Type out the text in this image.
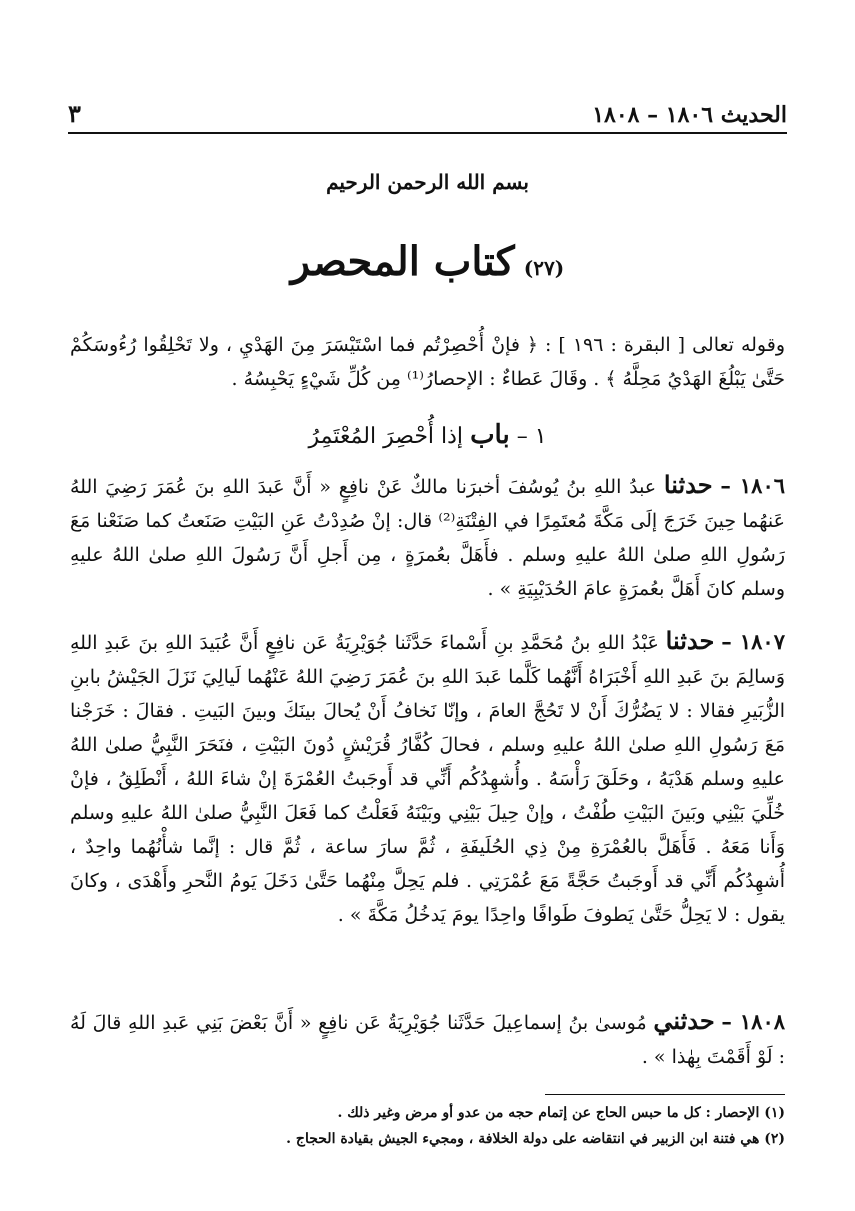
الحديث ١٨٠٦ – ١٨٠٨
٣
بسم الله الرحمن الرحيم
(٢٧) كتاب المحصر
وقوله تعالى [ البقرة : ١٩٦ ] : ﴿ فإنْ أُحْصِرْتُم فما اسْتَيْسَرَ مِنَ الهَدْيِ ، ولا تَحْلِقُوا رُءُوسَكُمْ حَتَّىٰ يَبْلُغَ الهَدْيُ مَحِلَّهُ ﴾ . وقَالَ عَطاءٌ : الإحصارُ⁽¹⁾ مِن كُلِّ شَيْءٍ يَحْبِسُهُ .
١ – باب إذا أُحْصِرَ المُعْتَمِرُ
١٨٠٦ – حدثنا عبدُ اللهِ بنُ يُوسُفَ أخبرَنا مالكٌ عَنْ نافِعٍ « أَنَّ عَبدَ اللهِ بنَ عُمَرَ رَضِيَ اللهُ عَنهُما حِينَ خَرَجَ إلَى مَكَّةَ مُعتَمِرًا في الفِتْنَةِ⁽²⁾ قال: إنْ صُدِدْتُ عَنِ البَيْتِ صَنَعتُ كما صَنَعْنا مَعَ رَسُولِ اللهِ صلىٰ اللهُ عليهِ وسلم . فأَهَلَّ بعُمرَةٍ ، مِن أَجلِ أَنَّ رَسُولَ اللهِ صلىٰ اللهُ عليهِ وسلم كانَ أَهَلَّ بعُمرَةٍ عامَ الحُدَيْبِيَةِ » .
١٨٠٧ – حدثنا عَبْدُ اللهِ بنُ مُحَمَّدِ بنِ أَسْماءَ حَدَّثَنا جُوَيْرِيَةُ عَن نافِعٍ أَنَّ عُبَيدَ اللهِ بنَ عَبدِ اللهِ وَسالِمَ بنَ عَبدِ اللهِ أَخْبَرَاهُ أَنَّهُما كَلَّما عَبدَ اللهِ بنَ عُمَرَ رَضِيَ اللهُ عَنْهُما لَيالِيَ نَزَلَ الجَيْشُ بابنِ الزُّبَيرِ فقالا : لا يَضُرُّكَ أَنْ لا تَحُجَّ العامَ ، وإنّا نَخافُ أَنْ يُحالَ بينَكَ وبينَ البَيتِ . فقالَ : خَرَجْنا مَعَ رَسُولِ اللهِ صلىٰ اللهُ عليهِ وسلم ، فحالَ كُفَّارُ قُرَيْشٍ دُونَ البَيْتِ ، فنَحَرَ النَّبِيُّ صلىٰ اللهُ عليهِ وسلم هَدْيَهُ ، وحَلَقَ رَأْسَهُ . وأُشهِدُكُم أَنِّي قد أَوجَبتُ العُمْرَةَ إنْ شاءَ اللهُ ، أَنْطَلِقُ ، فإنْ خُلِّيَ بَيْنِي وبَينَ البَيْتِ طُفْتُ ، وإنْ حِيلَ بَيْنِي وبَيْنَهُ فَعَلْتُ كما فَعَلَ النَّبِيُّ صلىٰ اللهُ عليهِ وسلم وَأَنا مَعَهُ . فَأَهَلَّ بالعُمْرَةِ مِنْ ذِي الحُلَيفَةِ ، ثُمَّ سارَ ساعة ، ثُمَّ قال : إنَّما شأْنُهُما واحِدٌ ، أُشهِدُكُم أَنِّي قد أَوجَبتُ حَجَّةً مَعَ عُمْرَتِي . فلم يَحِلَّ مِنْهُما حَتَّىٰ دَخَلَ يَومُ النَّحرِ وأَهْدَى ، وكانَ يقول : لا يَحِلُّ حَتَّىٰ يَطوفَ طَوافًا واحِدًا يومَ يَدخُلُ مَكَّةَ » .
١٨٠٨ – حدثني مُوسىٰ بنُ إسماعِيلَ حَدَّثَنا جُوَيْرِيَةُ عَن نافِعٍ « أَنَّ بَعْضَ بَنِي عَبدِ اللهِ قالَ لَهُ : لَوْ أَقَمْتَ بِهٰذا » .
(١) الإحصار : كل ما حبس الحاج عن إتمام حجه من عدو أو مرض وغير ذلك .
(٢) هي فتنة ابن الزبير في انتقاضه على دولة الخلافة ، ومجيء الجيش بقيادة الحجاج .
